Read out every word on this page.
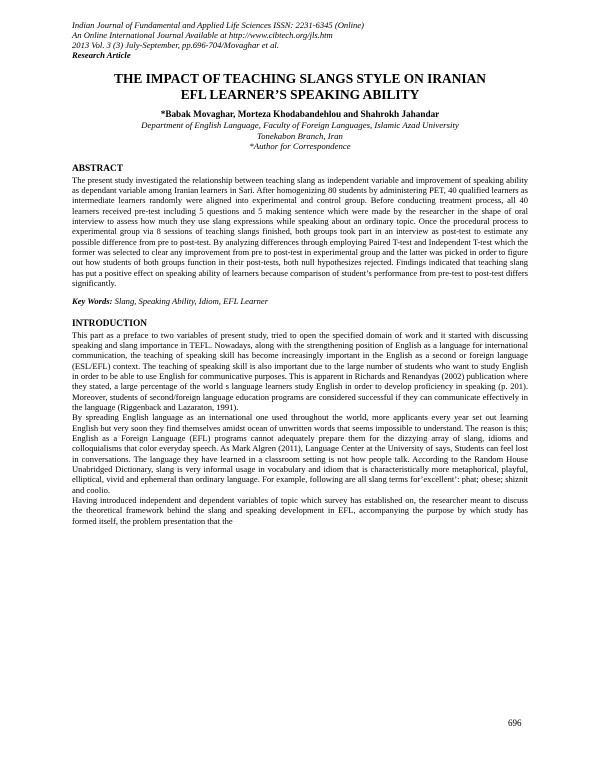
Indian Journal of Fundamental and Applied Life Sciences ISSN: 2231-6345 (Online)
An Online International Journal Available at http://www.cibtech.org/jls.htm
2013 Vol. 3 (3) July-September, pp.696-704/Movaghar et al.
Research Article
THE IMPACT OF TEACHING SLANGS STYLE ON IRANIAN
EFL LEARNER’S SPEAKING ABILITY
*Babak Movaghar, Morteza Khodabandehlou and Shahrokh Jahandar
Department of English Language, Faculty of Foreign Languages, Islamic Azad University
Tonekabon Branch, Iran
*Author for Correspondence
ABSTRACT

The present study investigated the relationship between teaching slang as independent variable and improvement of speaking ability as dependant variable among Iranian learners in Sari. After homogenizing 80 students by administering PET, 40 qualified learners as intermediate learners randomly were aligned into experimental and control group. Before conducting treatment process, all 40 learners received pre-test including 5 questions and 5 making sentence which were made by the researcher in the shape of oral interview to assess how much they use slang expressions while speaking about an ordinary topic. Once the procedural process to experimental group via 8 sessions of teaching slangs finished, both groups took part in an interview as post-test to estimate any possible difference from pre to post-test. By analyzing differences through employing Paired T-test and Independent T-test which the former was selected to clear any improvement from pre to post-test in experimental group and the latter was picked in order to figure out how students of both groups function in their post-tests, both null hypothesizes rejected. Findings indicated that teaching slang has put a positive effect on speaking ability of learners because comparison of student’s performance from pre-test to post-test differs significantly.

Key Words: Slang, Speaking Ability, Idiom, EFL Learner
INTRODUCTION

This part as a preface to two variables of present study, tried to open the specified domain of work and it started with discussing speaking and slang importance in TEFL. Nowadays, along with the strengthening position of English as a language for international communication, the teaching of speaking skill has become increasingly important in the English as a second or foreign language (ESL/EFL) context. The teaching of speaking skill is also important due to the large number of students who want to study English in order to be able to use English for communicative purposes. This is apparent in Richards and Renandyas (2002) publication where they stated, a large percentage of the world s language learners study English in order to develop proficiency in speaking (p. 201). Moreover, students of second/foreign language education programs are considered successful if they can communicate effectively in the language (Riggenback and Lazaraton, 1991).

By spreading English language as an international one used throughout the world, more applicants every year set out learning English but very soon they find themselves amidst ocean of unwritten words that seems impossible to understand. The reason is this; English as a Foreign Language (EFL) programs cannot adequately prepare them for the dizzying array of slang, idioms and colloquialisms that color everyday speech. As Mark Algren (2011), Language Center at the University of says, Students can feel lost in conversations. The language they have learned in a classroom setting is not how people talk. According to the Random House Unabridged Dictionary, slang is very informal usage in vocabulary and idiom that is characteristically more metaphorical, playful, elliptical, vivid and ephemeral than ordinary language. For example, following are all slang terms for’excellent’: phat; obese; shiznit and coolio.

Having introduced independent and dependent variables of topic which survey has established on, the researcher meant to discuss the theoretical framework behind the slang and speaking development in EFL, accompanying the purpose by which study has formed itself, the problem presentation that the

696
